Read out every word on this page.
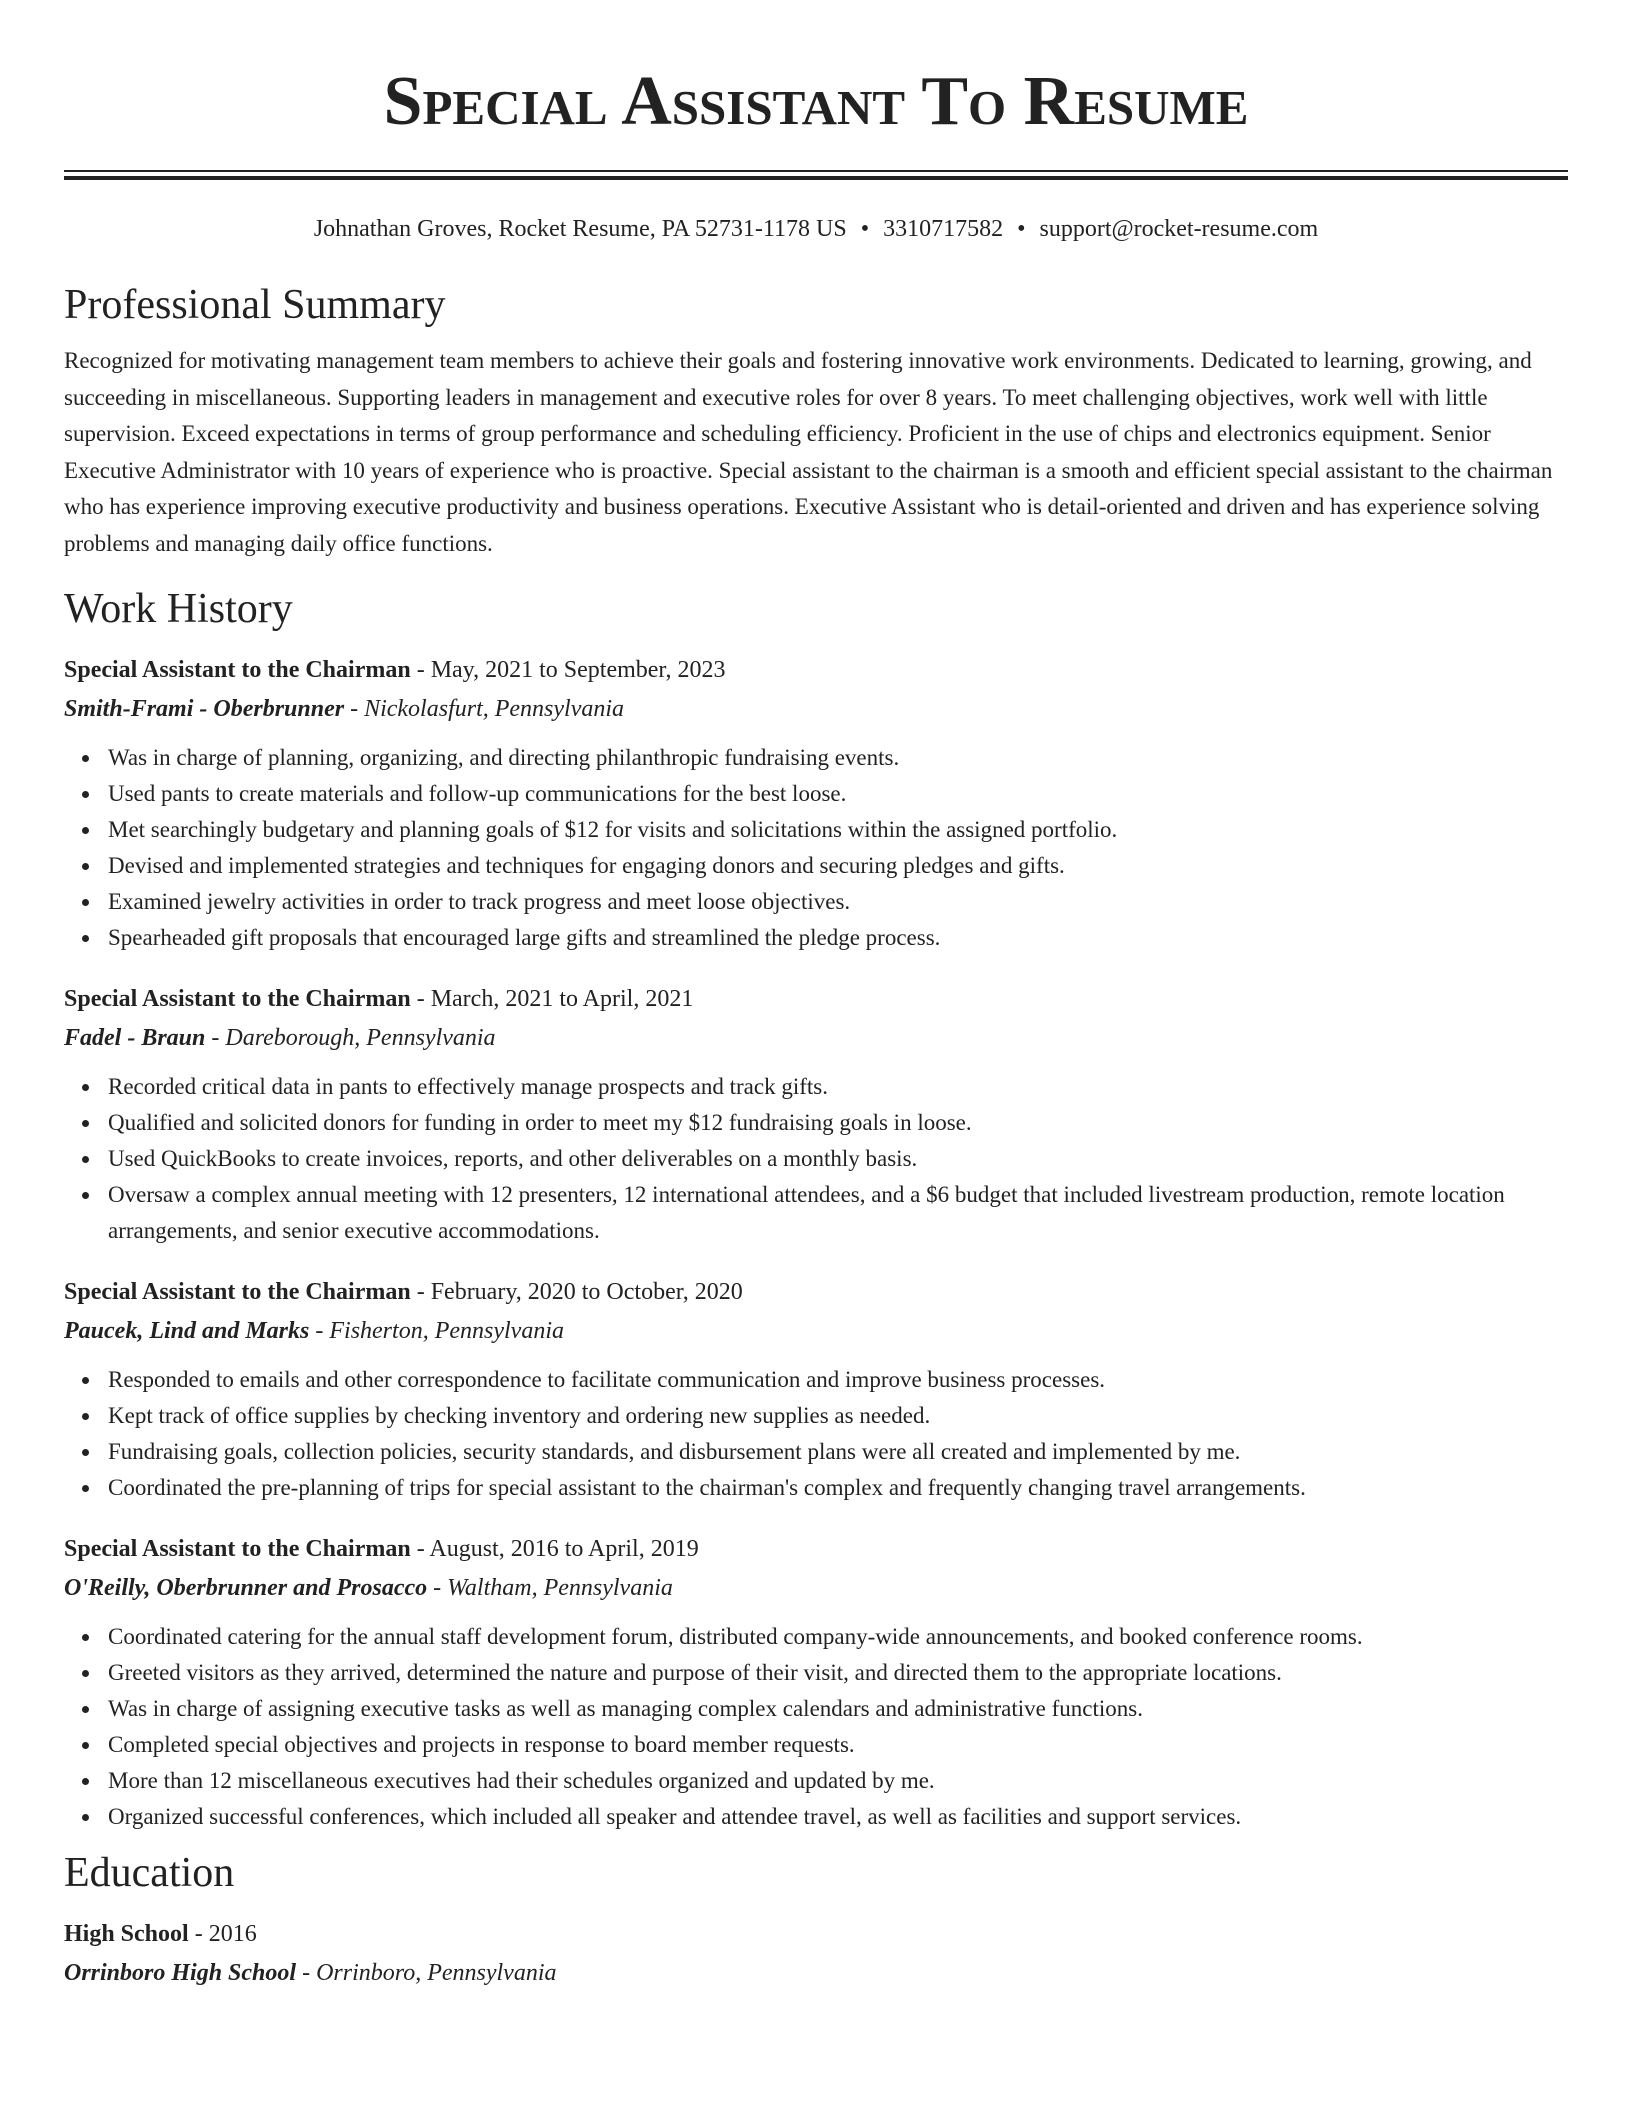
Special Assistant To Resume
Johnathan Groves, Rocket Resume, PA 52731-1178 US • 3310717582 • support@rocket-resume.com
Professional Summary

Recognized for motivating management team members to achieve their goals and fostering innovative work environments. Dedicated to learning, growing, and succeeding in miscellaneous. Supporting leaders in management and executive roles for over 8 years. To meet challenging objectives, work well with little supervision. Exceed expectations in terms of group performance and scheduling efficiency. Proficient in the use of chips and electronics equipment. Senior Executive Administrator with 10 years of experience who is proactive. Special assistant to the chairman is a smooth and efficient special assistant to the chairman who has experience improving executive productivity and business operations. Executive Assistant who is detail-oriented and driven and has experience solving problems and managing daily office functions.

Work History
Special Assistant to the Chairman - May, 2021 to September, 2023
Smith-Frami - Oberbrunner - Nickolasfurt, Pennsylvania
Was in charge of planning, organizing, and directing philanthropic fundraising events.
Used pants to create materials and follow-up communications for the best loose.
Met searchingly budgetary and planning goals of $12 for visits and solicitations within the assigned portfolio.
Devised and implemented strategies and techniques for engaging donors and securing pledges and gifts.
Examined jewelry activities in order to track progress and meet loose objectives.
Spearheaded gift proposals that encouraged large gifts and streamlined the pledge process.
Special Assistant to the Chairman - March, 2021 to April, 2021
Fadel - Braun - Dareborough, Pennsylvania
Recorded critical data in pants to effectively manage prospects and track gifts.
Qualified and solicited donors for funding in order to meet my $12 fundraising goals in loose.
Used QuickBooks to create invoices, reports, and other deliverables on a monthly basis.
Oversaw a complex annual meeting with 12 presenters, 12 international attendees, and a $6 budget that included livestream production, remote location arrangements, and senior executive accommodations.
Special Assistant to the Chairman - February, 2020 to October, 2020
Paucek, Lind and Marks - Fisherton, Pennsylvania
Responded to emails and other correspondence to facilitate communication and improve business processes.
Kept track of office supplies by checking inventory and ordering new supplies as needed.
Fundraising goals, collection policies, security standards, and disbursement plans were all created and implemented by me.
Coordinated the pre-planning of trips for special assistant to the chairman's complex and frequently changing travel arrangements.
Special Assistant to the Chairman - August, 2016 to April, 2019
O'Reilly, Oberbrunner and Prosacco - Waltham, Pennsylvania
Coordinated catering for the annual staff development forum, distributed company-wide announcements, and booked conference rooms.
Greeted visitors as they arrived, determined the nature and purpose of their visit, and directed them to the appropriate locations.
Was in charge of assigning executive tasks as well as managing complex calendars and administrative functions.
Completed special objectives and projects in response to board member requests.
More than 12 miscellaneous executives had their schedules organized and updated by me.
Organized successful conferences, which included all speaker and attendee travel, as well as facilities and support services.
Education
High School - 2016
Orrinboro High School - Orrinboro, Pennsylvania
